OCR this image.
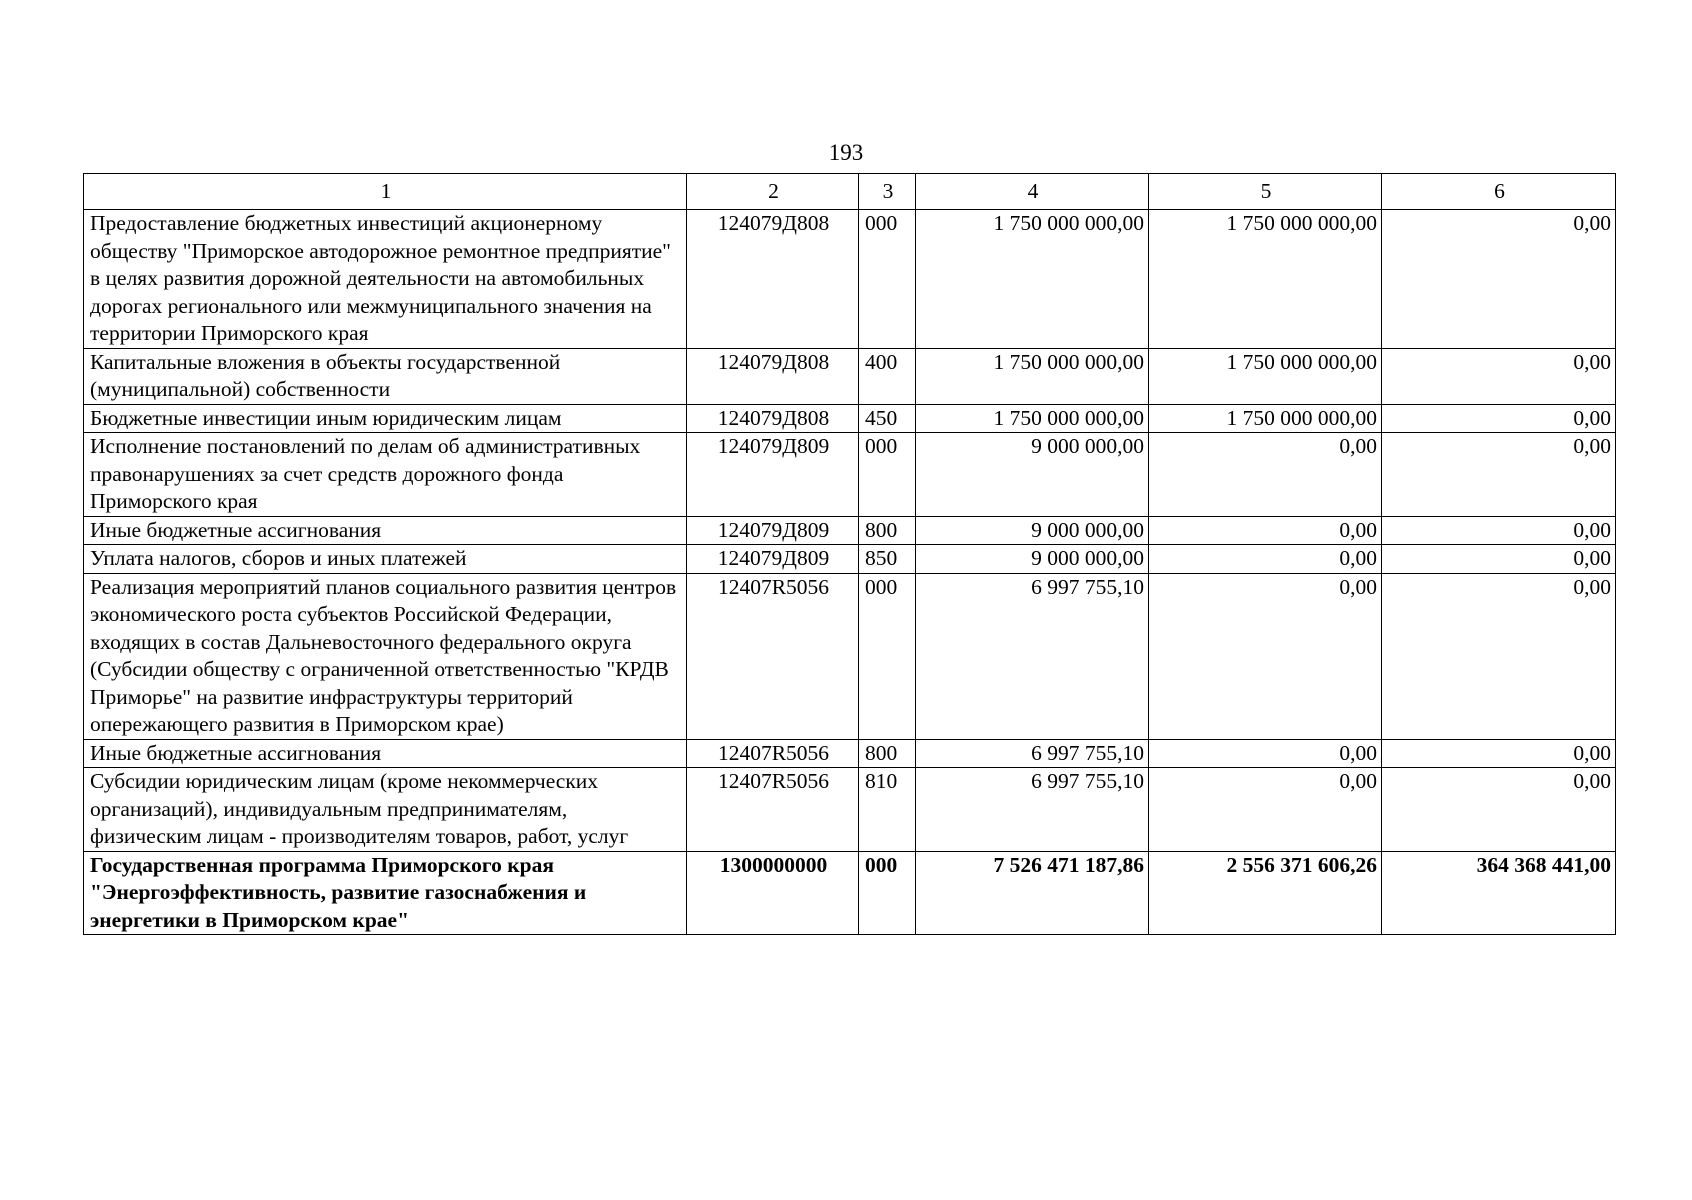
193
1	2	3	4	5	6
Предоставление бюджетных инвестиций акционерному обществу "Приморское автодорожное ремонтное предприятие" в целях развития дорожной деятельности на автомобильных дорогах регионального или межмуниципального значения на территории Приморского края	124079Д808	000	1 750 000 000,00	1 750 000 000,00	0,00
Капитальные вложения в объекты государственной (муниципальной) собственности	124079Д808	400	1 750 000 000,00	1 750 000 000,00	0,00
Бюджетные инвестиции иным юридическим лицам	124079Д808	450	1 750 000 000,00	1 750 000 000,00	0,00
Исполнение постановлений по делам об административных правонарушениях за счет средств дорожного фонда Приморского края	124079Д809	000	9 000 000,00	0,00	0,00
Иные бюджетные ассигнования	124079Д809	800	9 000 000,00	0,00	0,00
Уплата налогов, сборов и иных платежей	124079Д809	850	9 000 000,00	0,00	0,00
Реализация мероприятий планов социального развития центров экономического роста субъектов Российской Федерации, входящих в состав Дальневосточного федерального округа (Субсидии обществу с ограниченной ответственностью "КРДВ Приморье" на развитие инфраструктуры территорий опережающего развития в Приморском крае)	12407R5056	000	6 997 755,10	0,00	0,00
Иные бюджетные ассигнования	12407R5056	800	6 997 755,10	0,00	0,00
Субсидии юридическим лицам (кроме некоммерческих организаций), индивидуальным предпринимателям, физическим лицам - производителям товаров, работ, услуг	12407R5056	810	6 997 755,10	0,00	0,00
Государственная программа Приморского края "Энергоэффективность, развитие газоснабжения и энергетики в Приморском крае"	1300000000	000	7 526 471 187,86	2 556 371 606,26	364 368 441,00
